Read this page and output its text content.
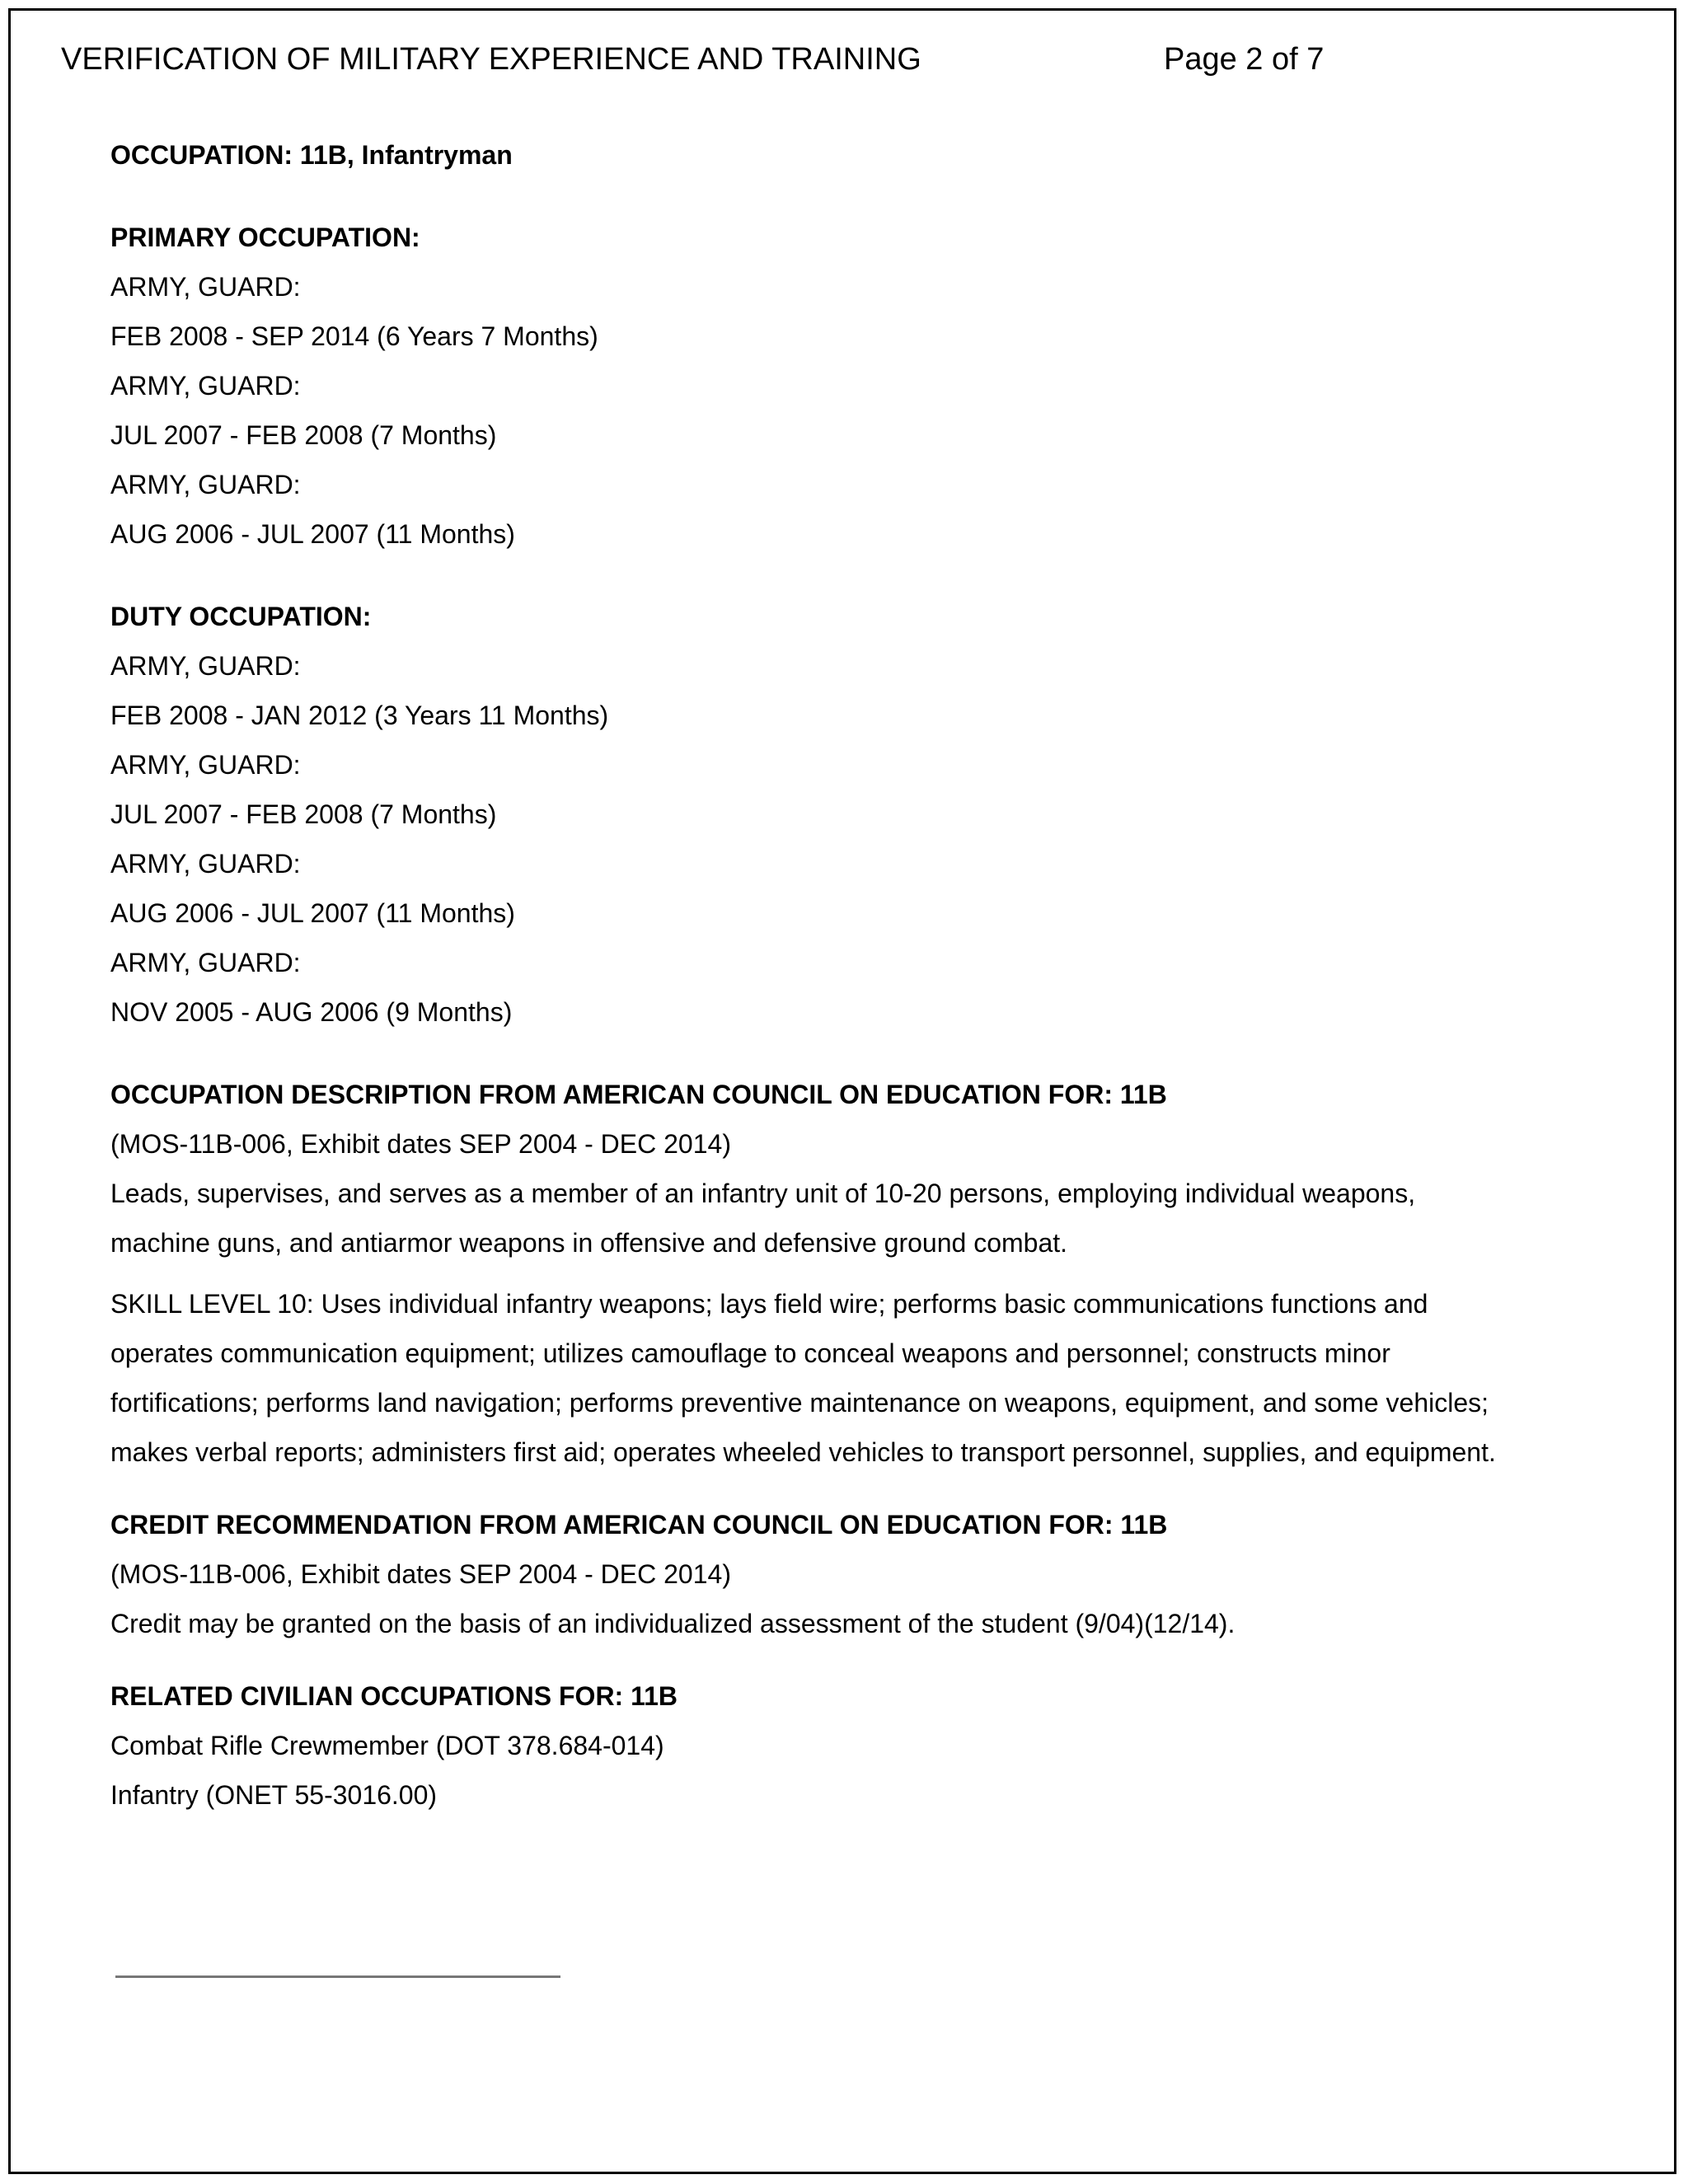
VERIFICATION OF MILITARY EXPERIENCE AND TRAINING	Page 2 of 7
OCCUPATION: 11B, Infantryman
PRIMARY OCCUPATION:
ARMY, GUARD:
FEB 2008 - SEP 2014 (6 Years 7 Months)
ARMY, GUARD:
JUL 2007 - FEB 2008 (7 Months)
ARMY, GUARD:
AUG 2006 - JUL 2007 (11 Months)
DUTY OCCUPATION:
ARMY, GUARD:
FEB 2008 - JAN 2012 (3 Years 11 Months)
ARMY, GUARD:
JUL 2007 - FEB 2008 (7 Months)
ARMY, GUARD:
AUG 2006 - JUL 2007 (11 Months)
ARMY, GUARD:
NOV 2005 - AUG 2006 (9 Months)
OCCUPATION DESCRIPTION FROM AMERICAN COUNCIL ON EDUCATION FOR: 11B
(MOS-11B-006, Exhibit dates SEP 2004 - DEC 2014)
Leads, supervises, and serves as a member of an infantry unit of 10-20 persons, employing individual weapons,
machine guns, and antiarmor weapons in offensive and defensive ground combat.
SKILL LEVEL 10: Uses individual infantry weapons; lays field wire; performs basic communications functions and
operates communication equipment; utilizes camouflage to conceal weapons and personnel; constructs minor
fortifications; performs land navigation; performs preventive maintenance on weapons, equipment, and some vehicles;
makes verbal reports; administers first aid; operates wheeled vehicles to transport personnel, supplies, and equipment.
CREDIT RECOMMENDATION FROM AMERICAN COUNCIL ON EDUCATION FOR: 11B
(MOS-11B-006, Exhibit dates SEP 2004 - DEC 2014)
Credit may be granted on the basis of an individualized assessment of the student (9/04)(12/14).
RELATED CIVILIAN OCCUPATIONS FOR: 11B
Combat Rifle Crewmember (DOT 378.684-014)
Infantry (ONET 55-3016.00)
